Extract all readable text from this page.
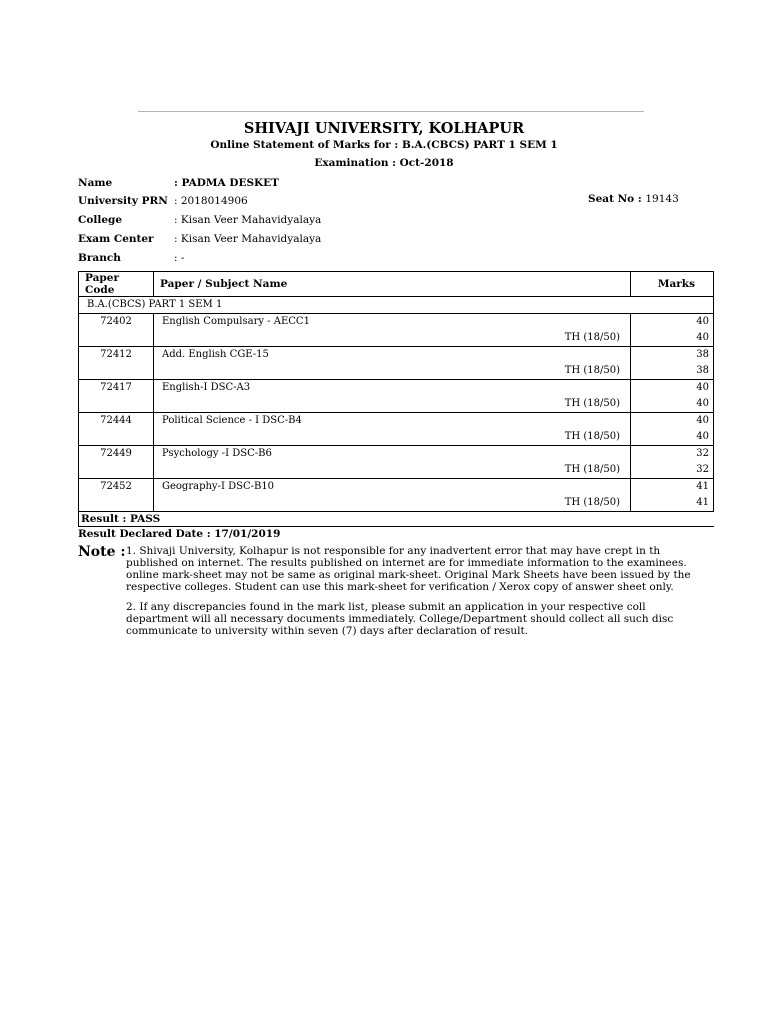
SHIVAJI UNIVERSITY, KOLHAPUR
Online Statement of Marks for : B.A.(CBCS) PART 1 SEM 1
Examination : Oct-2018
Name	: PADMA DESKET
University PRN : 2018014906
College	: Kisan Veer Mahavidyalaya
Exam Center	: Kisan Veer Mahavidyalaya
Branch	: -
Seat No : 19143
Paper Code	Paper / Subject Name	Marks
B.A.(CBCS) PART 1 SEM 1		
72402	English Compulsary - AECC1	40
	TH (18/50)	40
72412	Add. English CGE-15	38
	TH (18/50)	38
72417	English-I DSC-A3	40
	TH (18/50)	40
72444	Political Science - I DSC-B4	40
	TH (18/50)	40
72449	Psychology -I DSC-B6	32
	TH (18/50)	32
72452	Geography-I DSC-B10	41
	TH (18/50)	41
Result : PASS
Result Declared Date : 17/01/2019
Note : 1. Shivaji University, Kolhapur is not responsible for any inadvertent error that may have crept in th
published on internet. The results published on internet are for immediate information to the examinees.
online mark-sheet may not be same as original mark-sheet. Original Mark Sheets have been issued by the
respective colleges. Student can use this mark-sheet for verification / Xerox copy of answer sheet only.
2. If any discrepancies found in the mark list, please submit an application in your respective coll
department will all necessary documents immediately. College/Department should collect all such disc
communicate to university within seven (7) days after declaration of result.
